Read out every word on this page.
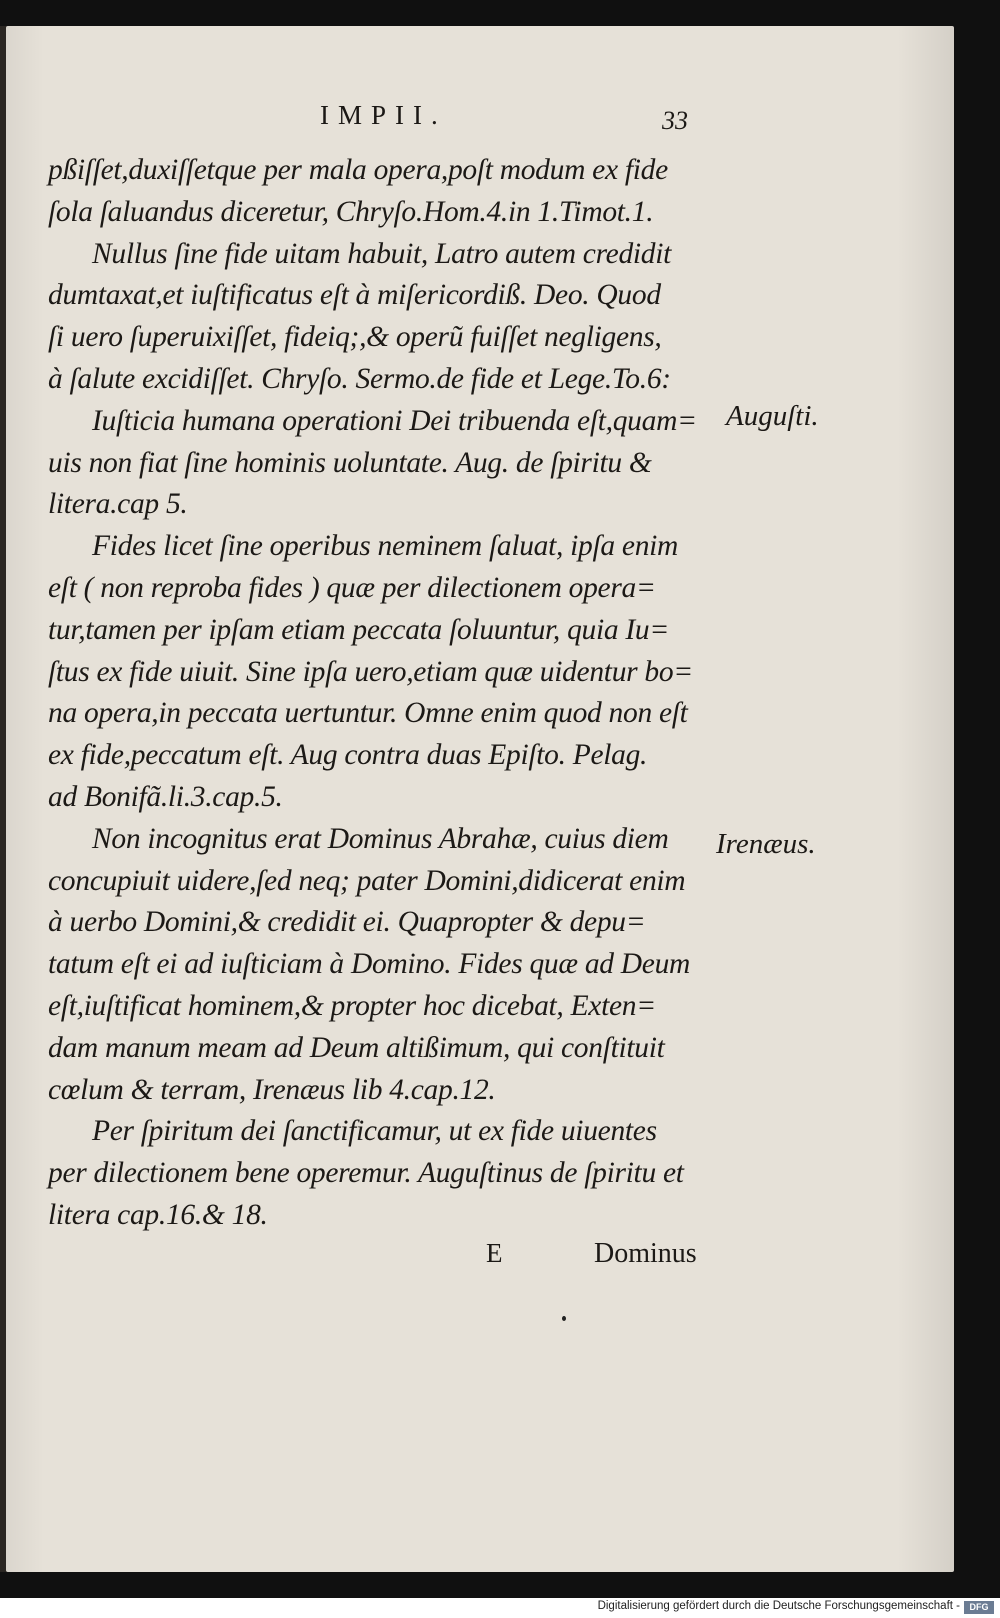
IMPII.	33
pßiſſet,duxiſſetque per mala opera,poſt modum ex fide
ſola ſaluandus diceretur, Chryſo.Hom.4.in 1.Timot.1.
Nullus ſine fide uitam habuit, Latro autem credidit
dumtaxat,et iuſtificatus eſt à miſericordiß. Deo. Quod
ſi uero ſuperuixiſſet, fideiq;,& operũ fuiſſet negligens,
à ſalute excidiſſet. Chryſo. Sermo.de fide et Lege.To.6:
Iuſticia humana operationi Dei tribuenda eſt,quam=
uis non fiat ſine hominis uoluntate. Aug. de ſpiritu &
litera.cap 5.
Fides licet ſine operibus neminem ſaluat, ipſa enim
eſt ( non reproba fides ) quæ per dilectionem opera=
tur,tamen per ipſam etiam peccata ſoluuntur, quia Iu=
ſtus ex fide uiuit. Sine ipſa uero,etiam quæ uidentur bo=
na opera,in peccata uertuntur. Omne enim quod non eſt
ex fide,peccatum eſt. Aug contra duas Epiſto. Pelag.
ad Bonifã.li.3.cap.5.
Non incognitus erat Dominus Abrahæ, cuius diem
concupiuit uidere,ſed neq; pater Domini,didicerat enim
à uerbo Domini,& credidit ei. Quapropter & depu=
tatum eſt ei ad iuſticiam à Domino. Fides quæ ad Deum
eſt,iuſtificat hominem,& propter hoc dicebat, Exten=
dam manum meam ad Deum altißimum, qui conſtituit
cœlum & terram, Irenæus lib 4.cap.12.
Per ſpiritum dei ſanctificamur, ut ex fide uiuentes
per dilectionem bene operemur. Auguſtinus de ſpiritu et
litera cap.16.& 18.
Auguſti.
Irenæus.
E	Dominus
Digitalisierung gefördert durch die Deutsche Forschungsgemeinschaft -	DFG
